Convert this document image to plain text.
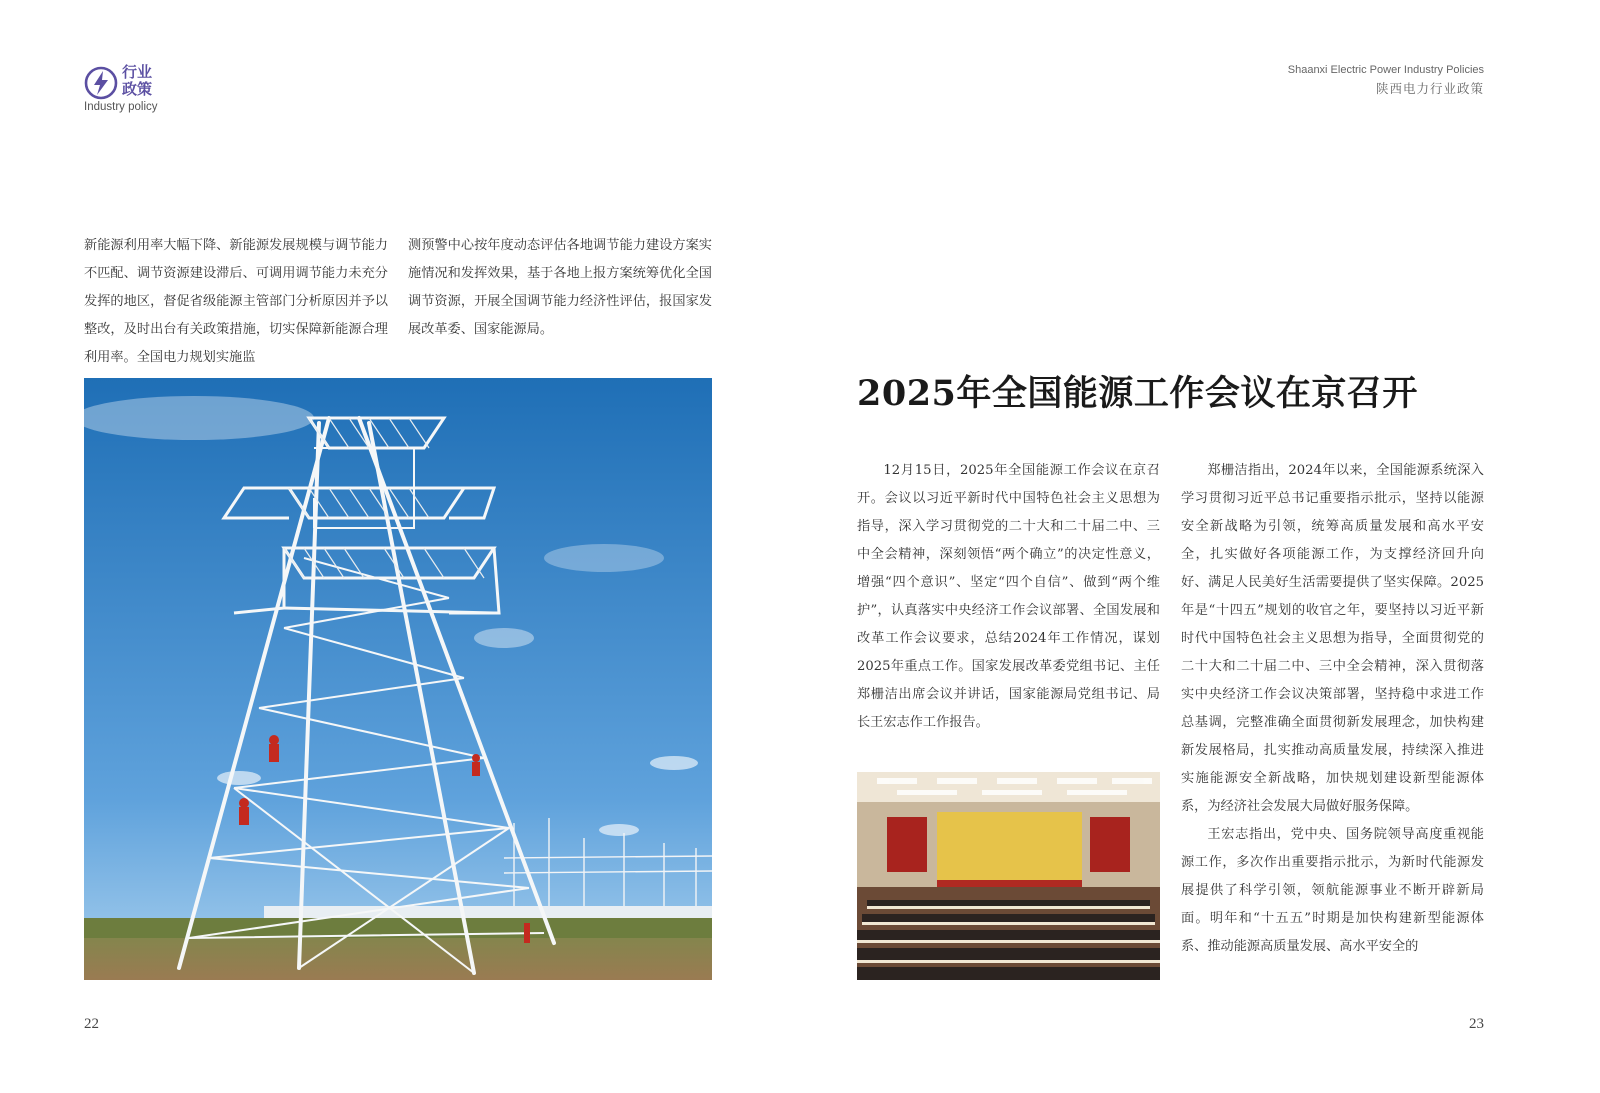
行业
政策
Industry policy

新能源利用率大幅下降、新能源发展规模与调节能力不匹配、调节资源建设滞后、可调用调节能力未充分发挥的地区，督促省级能源主管部门分析原因并予以整改，及时出台有关政策措施，切实保障新能源合理利用率。全国电力规划实施监

测预警中心按年度动态评估各地调节能力建设方案实施情况和发挥效果，基于各地上报方案统筹优化全国调节资源，开展全国调节能力经济性评估，报国家发展改革委、国家能源局。

22
Shaanxi Electric Power Industry Policies
陕西电力行业政策
2025年全国能源工作会议在京召开

12月15日，2025年全国能源工作会议在京召开。会议以习近平新时代中国特色社会主义思想为指导，深入学习贯彻党的二十大和二十届二中、三中全会精神，深刻领悟“两个确立”的决定性意义，增强“四个意识”、坚定“四个自信”、做到“两个维护”，认真落实中央经济工作会议部署、全国发展和改革工作会议要求，总结2024年工作情况，谋划2025年重点工作。国家发展改革委党组书记、主任郑栅洁出席会议并讲话，国家能源局党组书记、局长王宏志作工作报告。

郑栅洁指出，2024年以来，全国能源系统深入学习贯彻习近平总书记重要指示批示，坚持以能源安全新战略为引领，统筹高质量发展和高水平安全，扎实做好各项能源工作，为支撑经济回升向好、满足人民美好生活需要提供了坚实保障。2025年是“十四五”规划的收官之年，要坚持以习近平新时代中国特色社会主义思想为指导，全面贯彻党的二十大和二十届二中、三中全会精神，深入贯彻落实中央经济工作会议决策部署，坚持稳中求进工作总基调，完整准确全面贯彻新发展理念，加快构建新发展格局，扎实推动高质量发展，持续深入推进实施能源安全新战略，加快规划建设新型能源体系，为经济社会发展大局做好服务保障。

王宏志指出，党中央、国务院领导高度重视能源工作，多次作出重要指示批示，为新时代能源发展提供了科学引领，领航能源事业不断开辟新局面。明年和“十五五”时期是加快构建新型能源体系、推动能源高质量发展、高水平安全的

23
